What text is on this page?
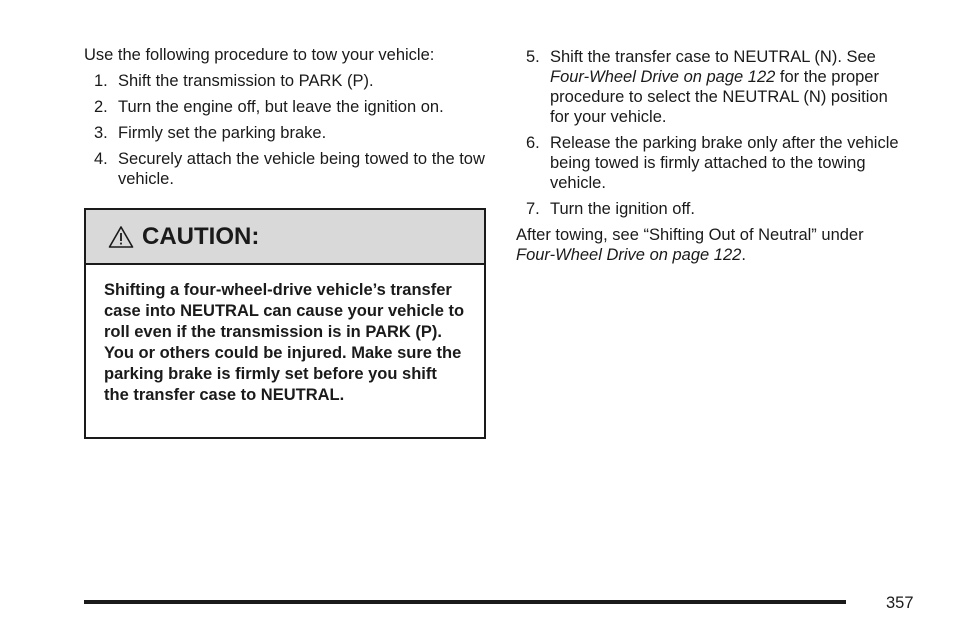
Use the following procedure to tow your vehicle:

1. Shift the transmission to PARK (P).
2. Turn the engine off, but leave the ignition on.
3. Firmly set the parking brake.
4. Securely attach the vehicle being towed to the tow vehicle.
CAUTION:
Shifting a four-wheel-drive vehicle’s transfer case into NEUTRAL can cause your vehicle to roll even if the transmission is in PARK (P). You or others could be injured. Make sure the parking brake is firmly set before you shift the transfer case to NEUTRAL.
5. Shift the transfer case to NEUTRAL (N). See Four-Wheel Drive on page 122 for the proper procedure to select the NEUTRAL (N) position for your vehicle.
6. Release the parking brake only after the vehicle being towed is firmly attached to the towing vehicle.
7. Turn the ignition off.

After towing, see “Shifting Out of Neutral” under Four-Wheel Drive on page 122.

357
